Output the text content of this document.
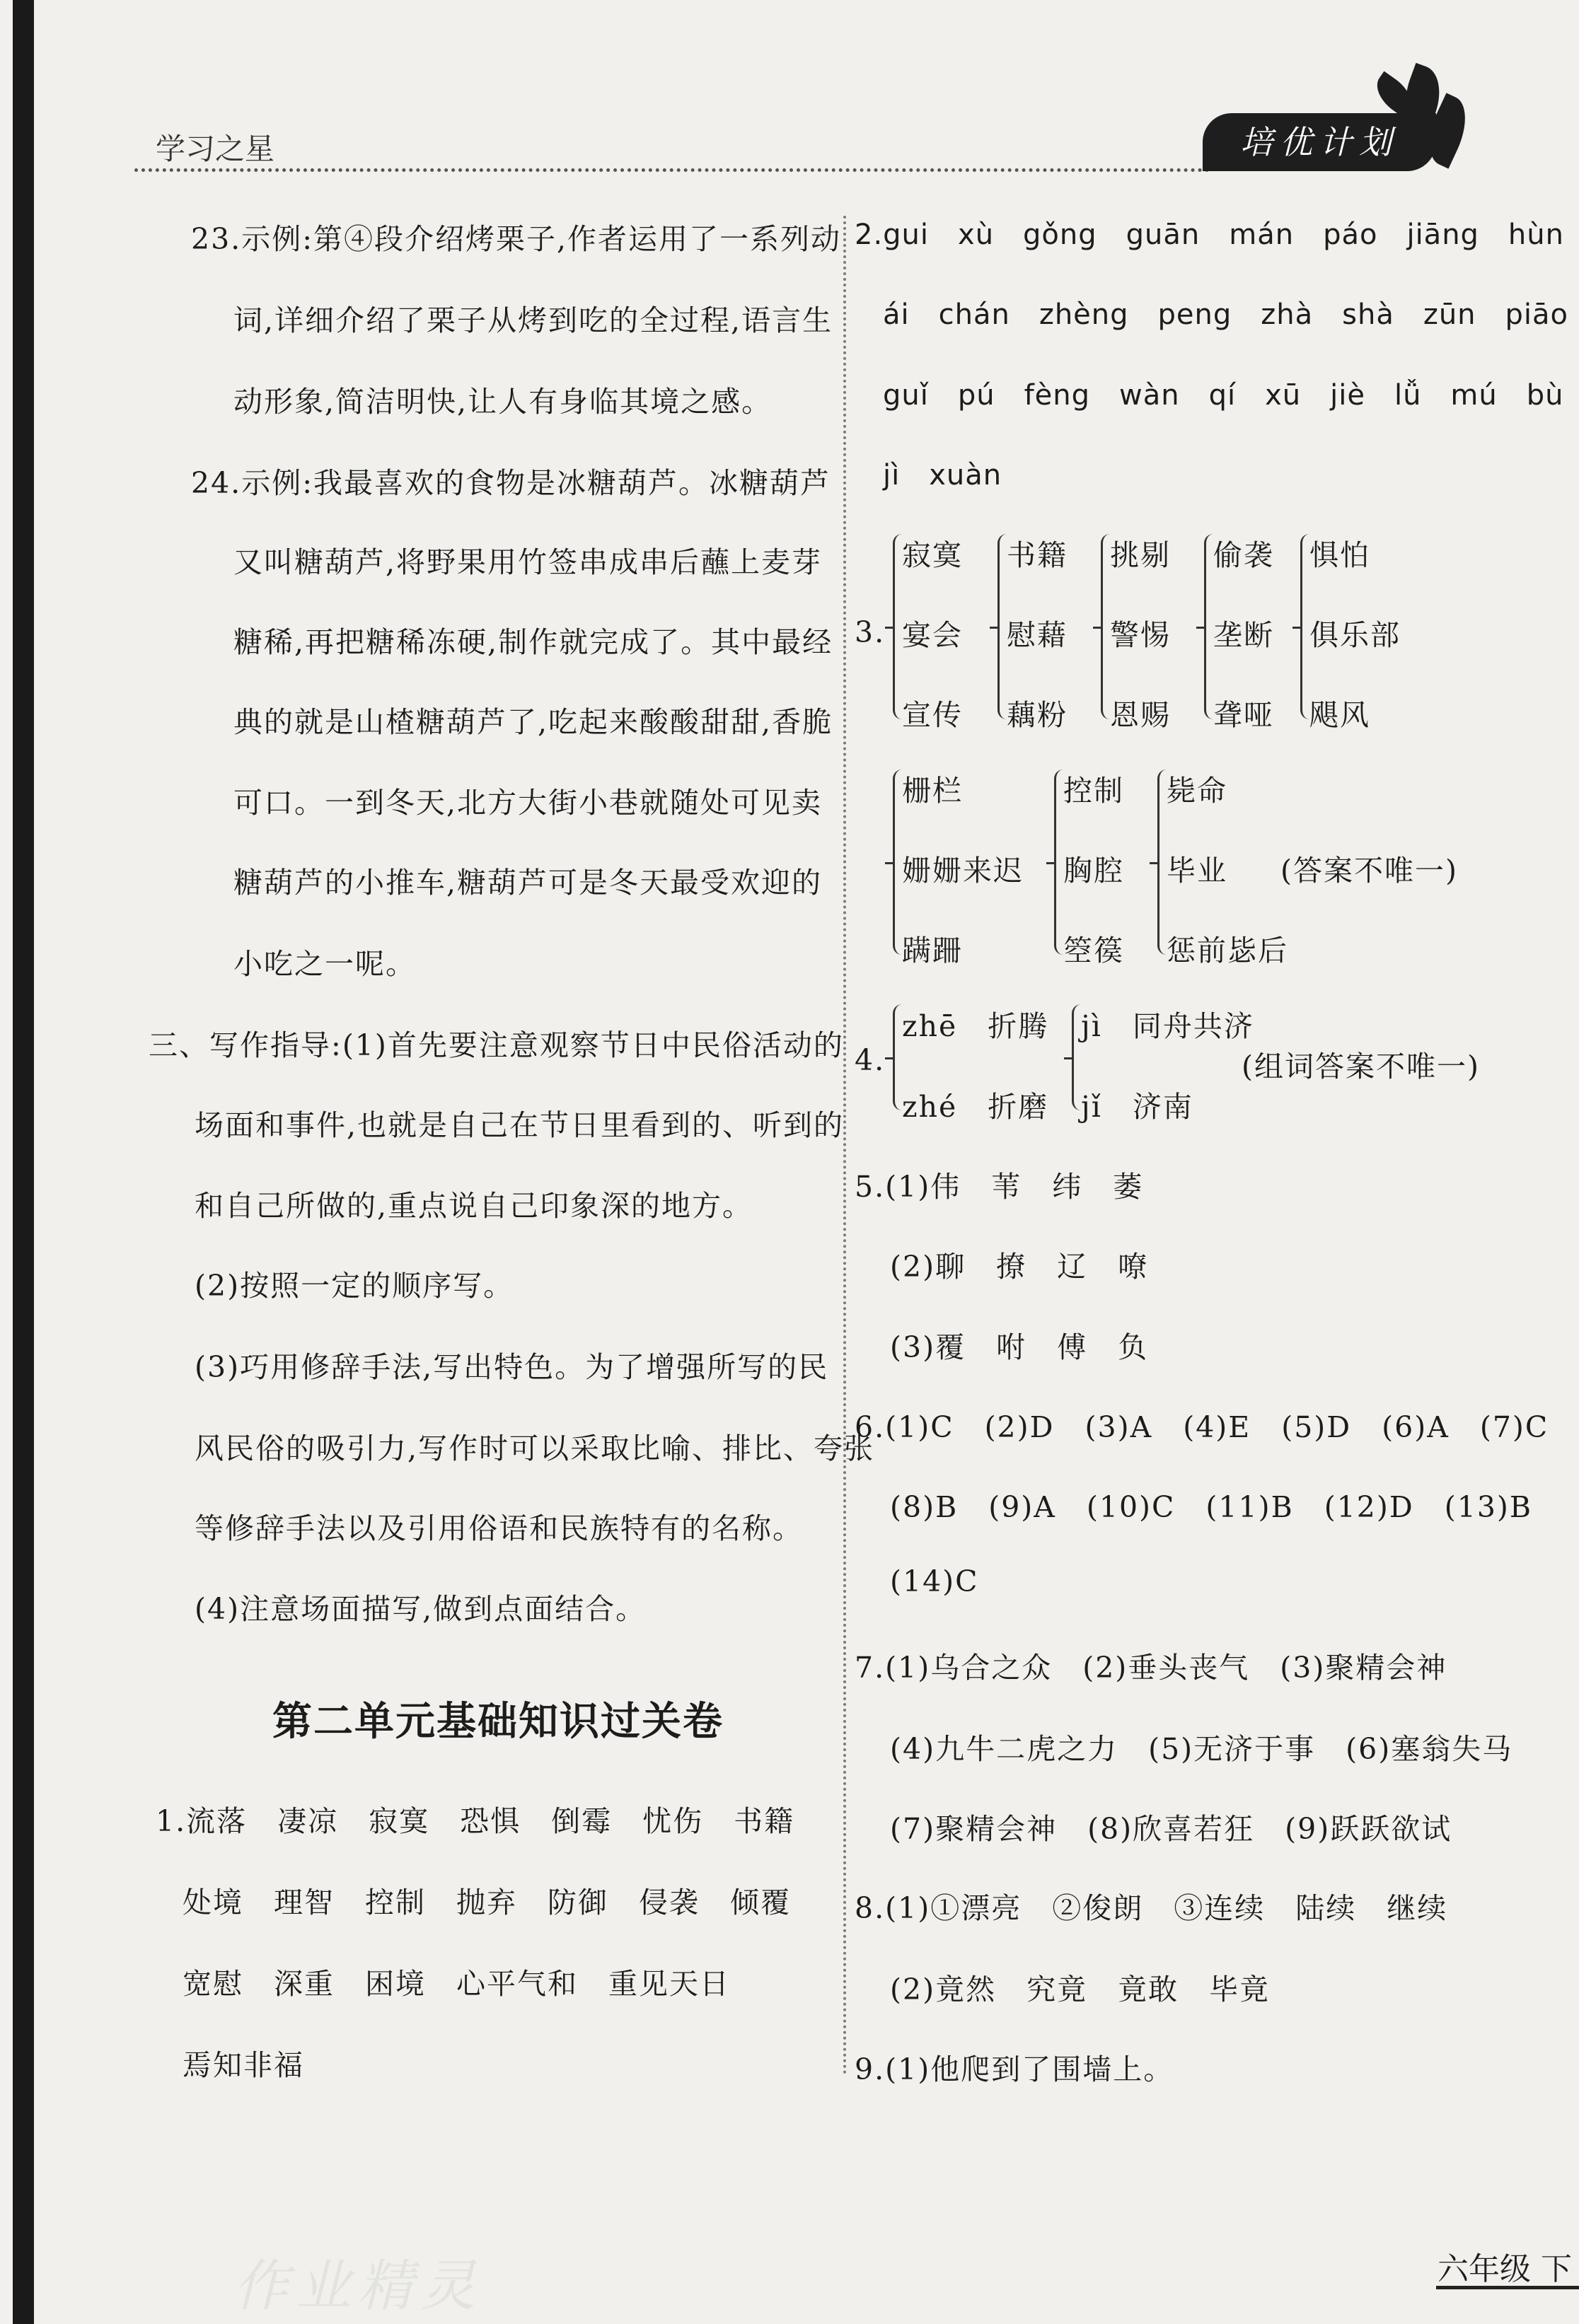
学习之星	培优计划
作业精灵
23.示例:第④段介绍烤栗子,作者运用了一系列动
词,详细介绍了栗子从烤到吃的全过程,语言生
动形象,简洁明快,让人有身临其境之感。
24.示例:我最喜欢的食物是冰糖葫芦。冰糖葫芦
又叫糖葫芦,将野果用竹签串成串后蘸上麦芽
糖稀,再把糖稀冻硬,制作就完成了。其中最经
典的就是山楂糖葫芦了,吃起来酸酸甜甜,香脆
可口。一到冬天,北方大街小巷就随处可见卖
糖葫芦的小推车,糖葫芦可是冬天最受欢迎的
小吃之一呢。
三、写作指导:(1)首先要注意观察节日中民俗活动的
场面和事件,也就是自己在节日里看到的、听到的
和自己所做的,重点说自己印象深的地方。
(2)按照一定的顺序写。
(3)巧用修辞手法,写出特色。为了增强所写的民
风民俗的吸引力,写作时可以采取比喻、排比、夸张
等修辞手法以及引用俗语和民族特有的名称。
(4)注意场面描写,做到点面结合。
第二单元基础知识过关卷
1.流落　凄凉　寂寞　恐惧　倒霉　忧伤　书籍
处境　理智　控制　抛弃　防御　侵袭　倾覆
宽慰　深重　困境　心平气和　重见天日
焉知非福
2.gui　xù　gǒng　guān　mán　páo　jiāng　hùn
ái　chán　zhèng　peng　zhà　shà　zūn　piāo
guǐ　pú　fèng　wàn　qí　xū　jiè　lǚ　mú　bù
jì　xuàn
3.
寂寞
宴会
宣传
书籍
慰藉
藕粉
挑剔
警惕
恩赐
偷袭
垄断
聋哑
惧怕
俱乐部
飓风
栅栏
姗姗来迟
蹒跚
控制
胸腔
箜篌
毙命
毕业
惩前毖后
(答案不唯一)
4.
zhē　折腾
zhé　折磨
jì　同舟共济
jǐ　济南
(组词答案不唯一)
5.(1)伟　苇　纬　萎
(2)聊　撩　辽　嘹
(3)覆　咐　傅　负
6.(1)C　(2)D　(3)A　(4)E　(5)D　(6)A　(7)C
(8)B　(9)A　(10)C　(11)B　(12)D　(13)B
(14)C
7.(1)乌合之众　(2)垂头丧气　(3)聚精会神
(4)九牛二虎之力　(5)无济于事　(6)塞翁失马
(7)聚精会神　(8)欣喜若狂　(9)跃跃欲试
8.(1)①漂亮　②俊朗　③连续　陆续　继续
(2)竟然　究竟　竟敢　毕竟
9.(1)他爬到了围墙上。
六年级 下
